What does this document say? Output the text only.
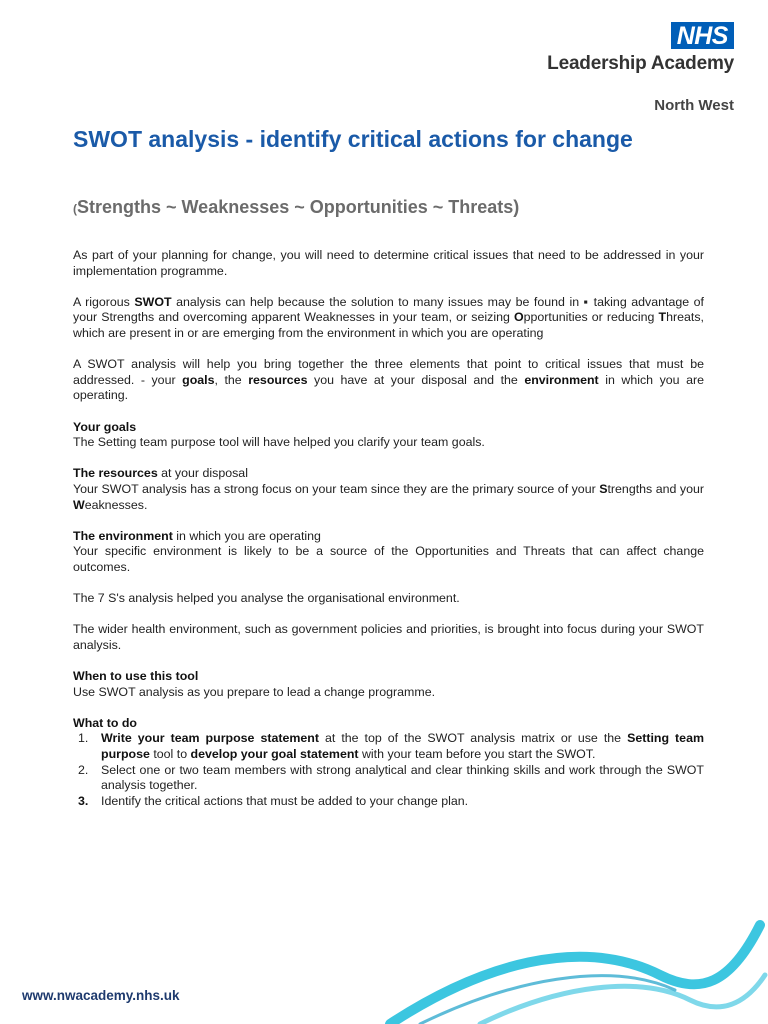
NHS
Leadership Academy
North West
SWOT analysis - identify critical actions for change
(Strengths ~ Weaknesses ~ Opportunities ~ Threats)

As part of your planning for change, you will need to determine critical issues that need to be addressed in your implementation programme.

A rigorous SWOT analysis can help because the solution to many issues may be found in ▪ taking advantage of your Strengths and overcoming apparent Weaknesses in your team, or seizing Opportunities or reducing Threats, which are present in or are emerging from the environment in which you are operating

A SWOT analysis will help you bring together the three elements that point to critical issues that must be addressed. - your goals, the resources you have at your disposal and the environment in which you are operating.

Your goals

The Setting team purpose tool will have helped you clarify your team goals.

The resources at your disposal

Your SWOT analysis has a strong focus on your team since they are the primary source of your Strengths and your Weaknesses.

The environment in which you are operating

Your specific environment is likely to be a source of the Opportunities and Threats that can affect change outcomes.

The 7 S's analysis helped you analyse the organisational environment.

The wider health environment, such as government policies and priorities, is brought into focus during your SWOT analysis.

When to use this tool

Use SWOT analysis as you prepare to lead a change programme.

What to do

1. Write your team purpose statement at the top of the SWOT analysis matrix or use the Setting team purpose tool to develop your goal statement with your team before you start the SWOT.
2. Select one or two team members with strong analytical and clear thinking skills and work through the SWOT analysis together.
3. Identify the critical actions that must be added to your change plan.
www.nwacademy.nhs.uk
